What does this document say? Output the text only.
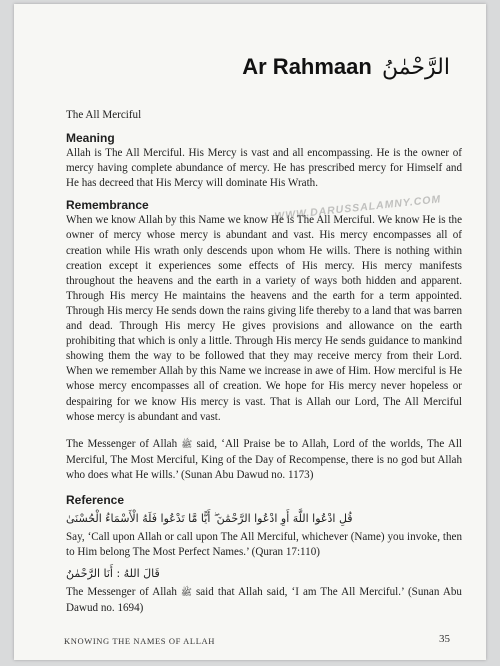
Ar Rahmaan الرَّحْمٰنُ
WWW.DARUSSALAMNY.COM

The All Merciful

Meaning

Allah is The All Merciful. His Mercy is vast and all encompassing. He is the owner of mercy having complete abundance of mercy. He has prescribed mercy for Himself and He has decreed that His Mercy will dominate His Wrath.

Remembrance

When we know Allah by this Name we know He is The All Merciful. We know He is the owner of mercy whose mercy is abundant and vast. His mercy encompasses all of creation while His wrath only descends upon whom He wills. There is nothing within creation except it experiences some effects of His mercy. His mercy manifests throughout the heavens and the earth in a variety of ways both hidden and apparent. Through His mercy He maintains the heavens and the earth for a term appointed. Through His mercy He sends down the rains giving life thereby to a land that was barren and dead. Through His mercy He gives provisions and allowance on the earth prohibiting that which is only a little. Through His mercy He sends guidance to mankind showing them the way to be followed that they may receive mercy from their Lord. When we remember Allah by this Name we increase in awe of Him. How merciful is He whose mercy encompasses all of creation. We hope for His mercy never hopeless or despairing for we know His mercy is vast. That is Allah our Lord, The All Merciful whose mercy is abundant and vast.

The Messenger of Allah ﷺ said, ‘All Praise be to Allah, Lord of the worlds, The All Merciful, The Most Merciful, King of the Day of Recompense, there is no god but Allah who does what He wills.’ (Sunan Abu Dawud no. 1173)

Reference
قُلِ ادْعُوا اللَّهَ أَوِ ادْعُوا الرَّحْمَٰنَ ۖ أَيًّا مَّا تَدْعُوا فَلَهُ الْأَسْمَاءُ الْحُسْنَىٰ

Say, ‘Call upon Allah or call upon The All Merciful, whichever (Name) you invoke, then to Him belong The Most Perfect Names.’ (Quran 17:110)

قَالَ اللهُ : أَنَا الرَّحْمٰنُ

The Messenger of Allah ﷺ said that Allah said, ‘I am The All Merciful.’ (Sunan Abu Dawud no. 1694)

KNOWING THE NAMES OF ALLAH	35
